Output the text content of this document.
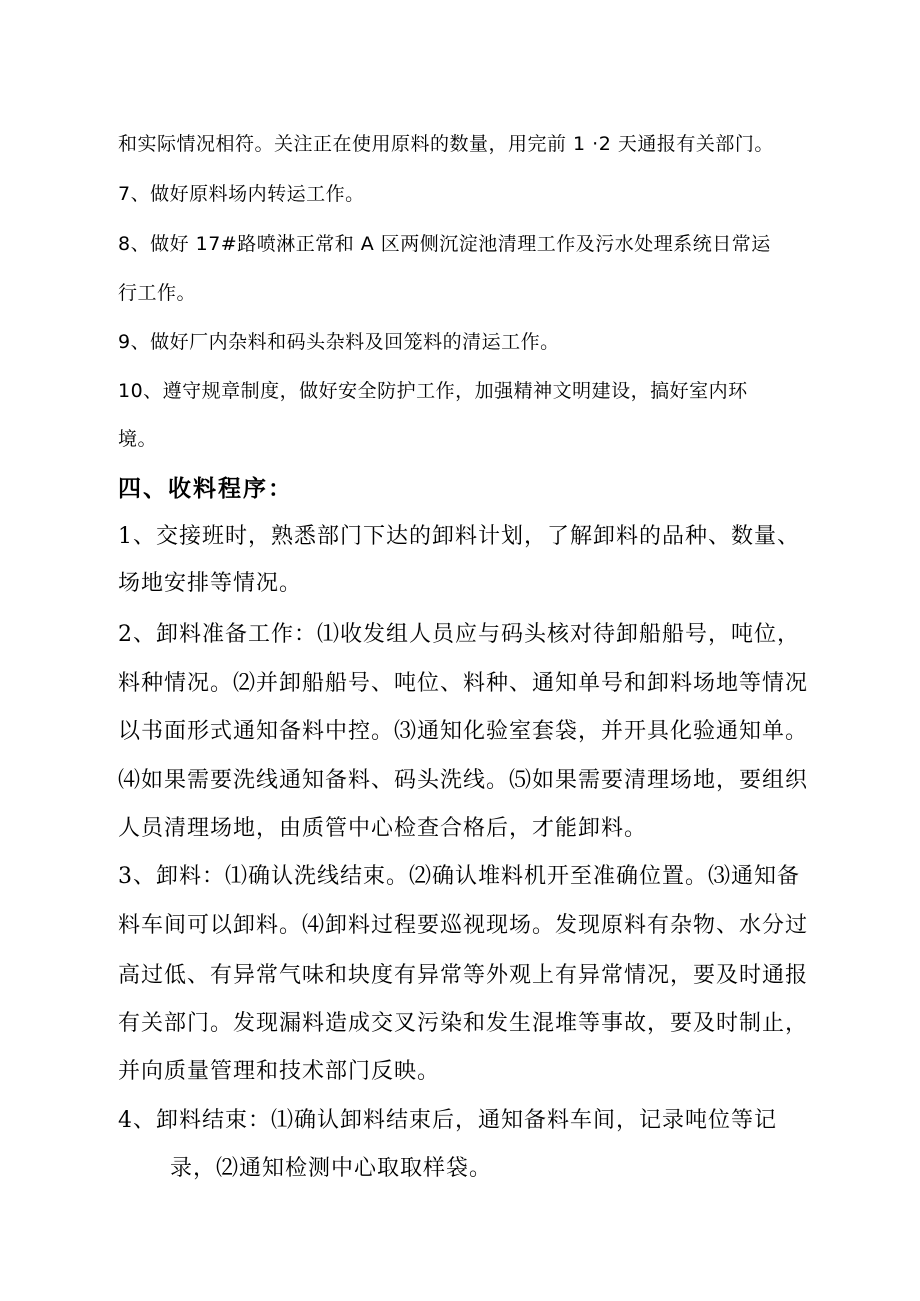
和实际情况相符。关注正在使用原料的数量，用完前 1 ·2 天通报有关部门。
7、做好原料场内转运工作。
8、做好 17#路喷淋正常和 A 区两侧沉淀池清理工作及污水处理系统日常运
行工作。
9、做好厂内杂料和码头杂料及回笼料的清运工作。
10、遵守规章制度，做好安全防护工作，加强精神文明建设，搞好室内环
境。
四、收料程序：
1、交接班时，熟悉部门下达的卸料计划，了解卸料的品种、数量、
场地安排等情况。
2、卸料准备工作：⑴收发组人员应与码头核对待卸船船号，吨位，
料种情况。⑵并卸船船号、吨位、料种、通知单号和卸料场地等情况
以书面形式通知备料中控。⑶通知化验室套袋，并开具化验通知单。
⑷如果需要洗线通知备料、码头洗线。⑸如果需要清理场地，要组织
人员清理场地，由质管中心检查合格后，才能卸料。
3、卸料：⑴确认洗线结束。⑵确认堆料机开至准确位置。⑶通知备
料车间可以卸料。⑷卸料过程要巡视现场。发现原料有杂物、水分过
高过低、有异常气味和块度有异常等外观上有异常情况，要及时通报
有关部门。发现漏料造成交叉污染和发生混堆等事故，要及时制止，
并向质量管理和技术部门反映。
4、卸料结束：⑴确认卸料结束后，通知备料车间，记录吨位等记
录，⑵通知检测中心取取样袋。
